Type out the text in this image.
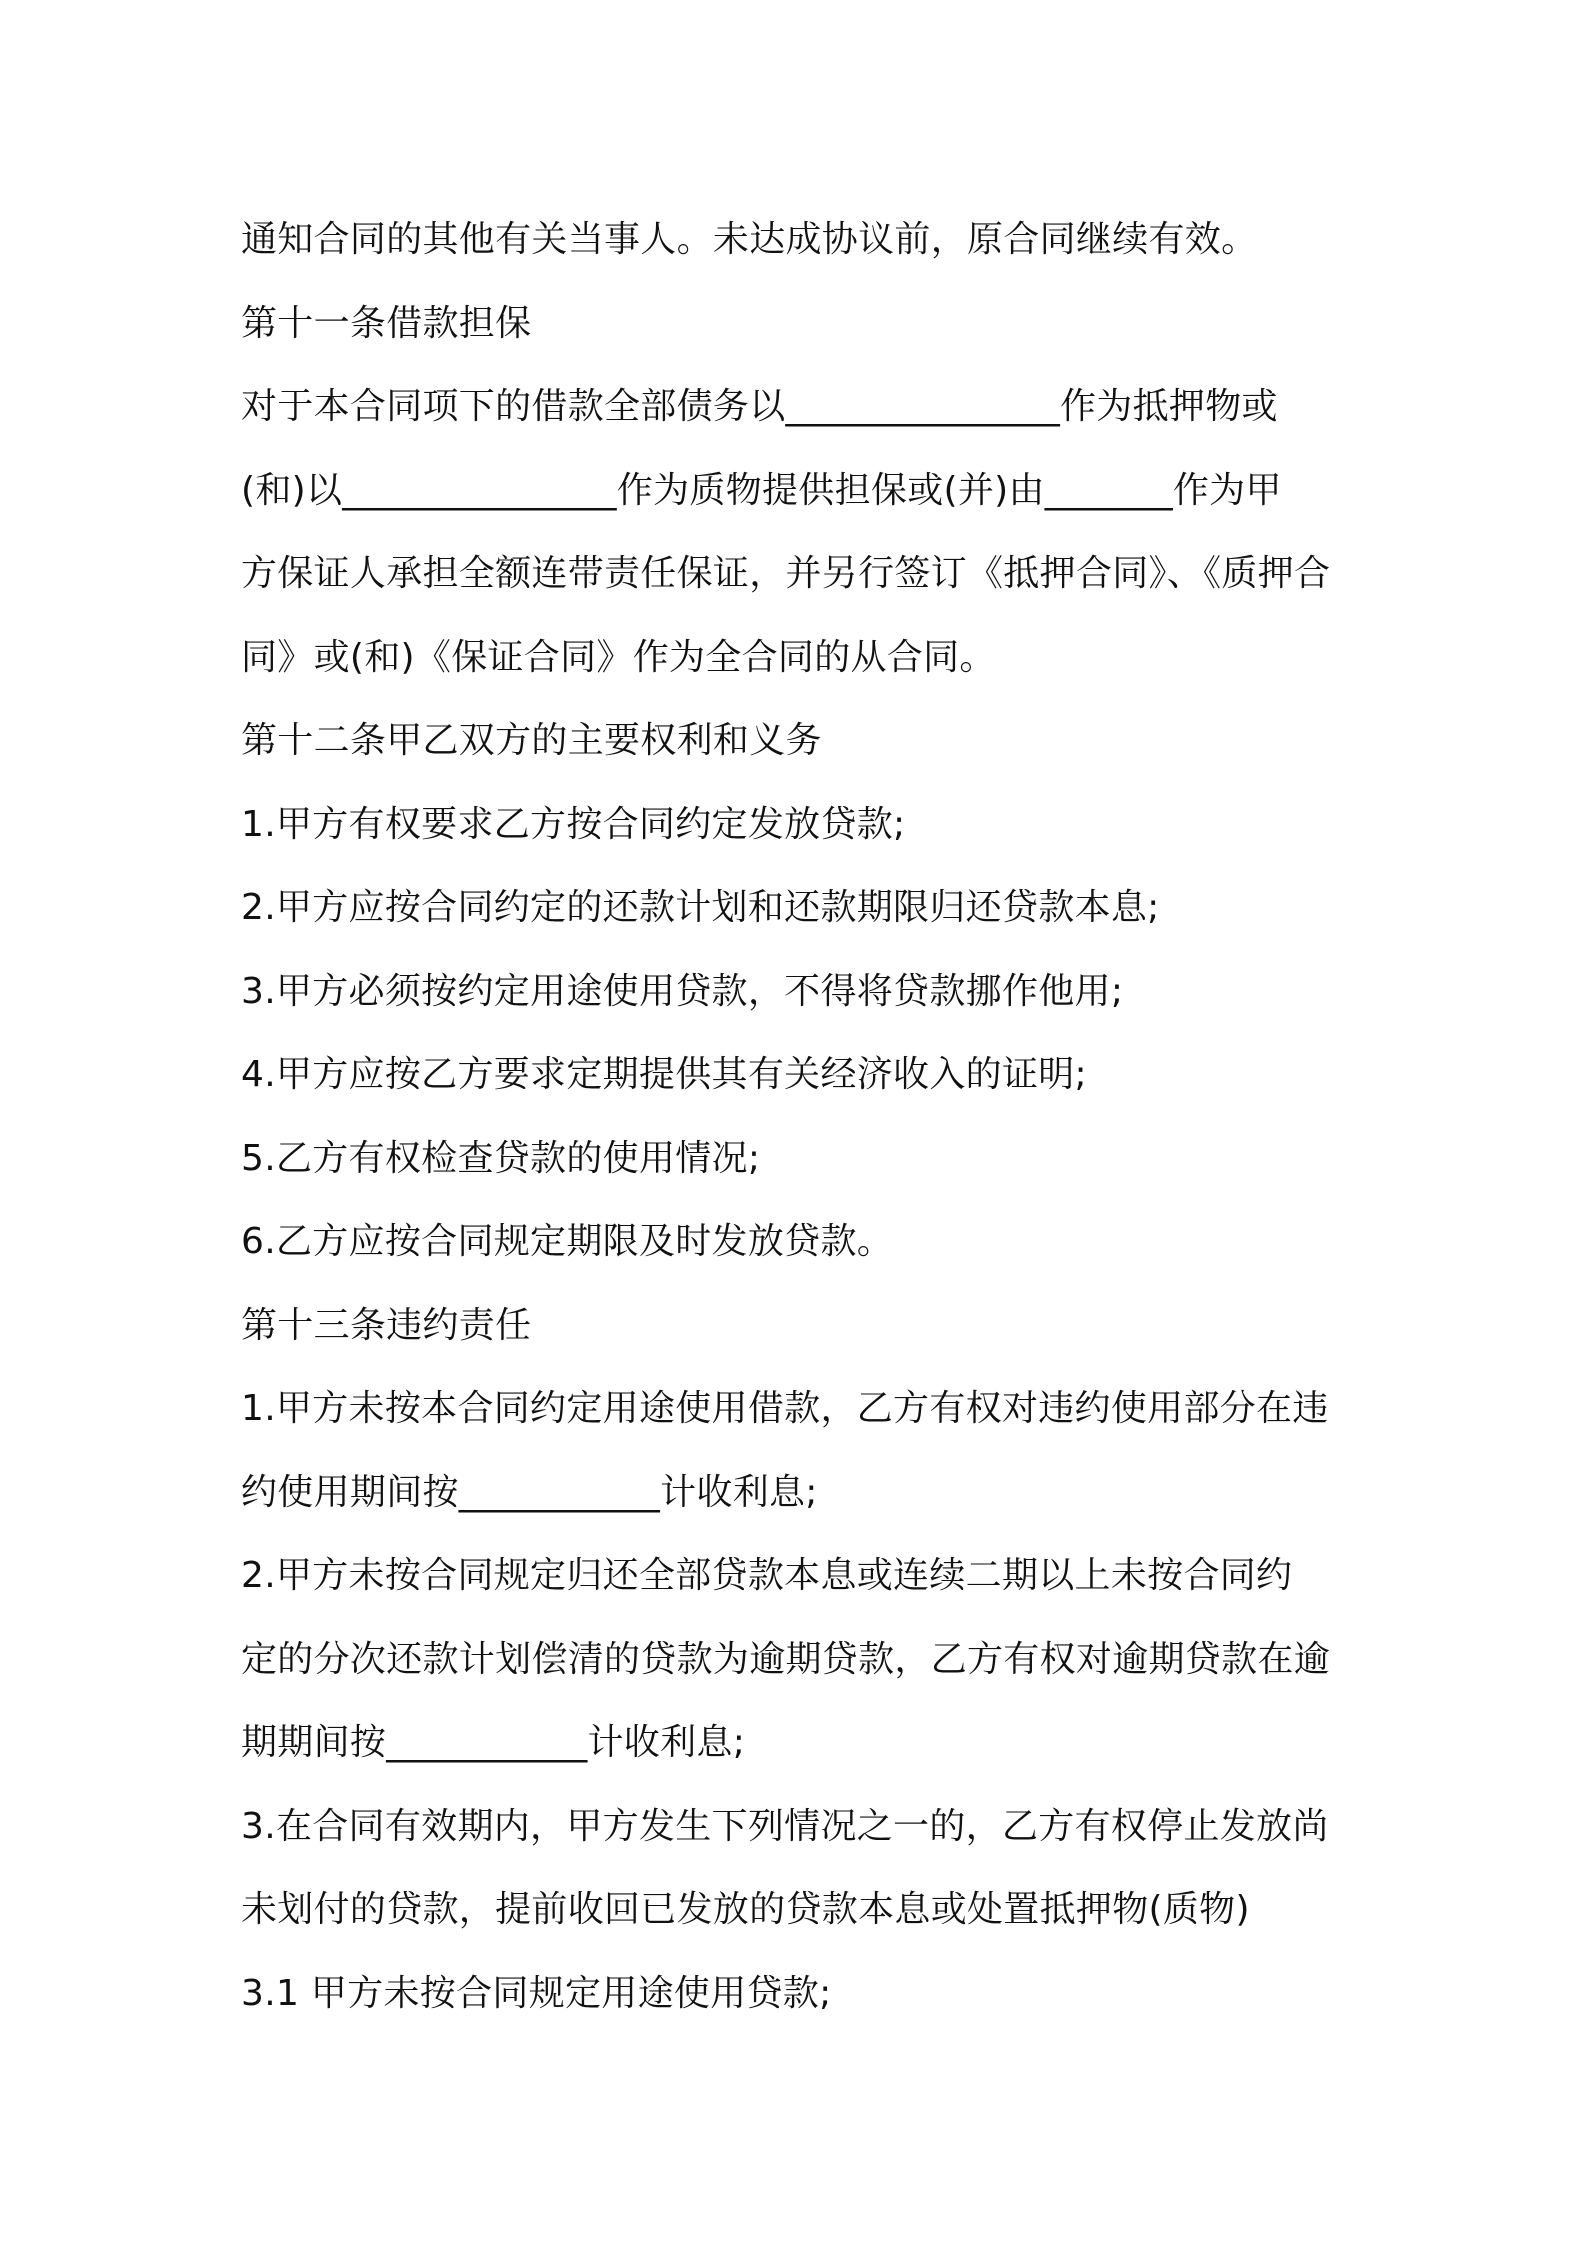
通知合同的其他有关当事人。未达成协议前，原合同继续有效。
第十一条借款担保
对于本合同项下的借款全部债务以_______________作为抵押物或
(和)以_______________作为质物提供担保或(并)由_______作为甲
方保证人承担全额连带责任保证，并另行签订《抵押合同》、《质押合
同》或(和)《保证合同》作为全合同的从合同。
第十二条甲乙双方的主要权利和义务
1.甲方有权要求乙方按合同约定发放贷款;
2.甲方应按合同约定的还款计划和还款期限归还贷款本息;
3.甲方必须按约定用途使用贷款，不得将贷款挪作他用;
4.甲方应按乙方要求定期提供其有关经济收入的证明;
5.乙方有权检查贷款的使用情况;
6.乙方应按合同规定期限及时发放贷款。
第十三条违约责任
1.甲方未按本合同约定用途使用借款，乙方有权对违约使用部分在违
约使用期间按___________计收利息;
2.甲方未按合同规定归还全部贷款本息或连续二期以上未按合同约
定的分次还款计划偿清的贷款为逾期贷款，乙方有权对逾期贷款在逾
期期间按___________计收利息;
3.在合同有效期内，甲方发生下列情况之一的，乙方有权停止发放尚
未划付的贷款，提前收回已发放的贷款本息或处置抵押物(质物)
3.1 甲方未按合同规定用途使用贷款;
